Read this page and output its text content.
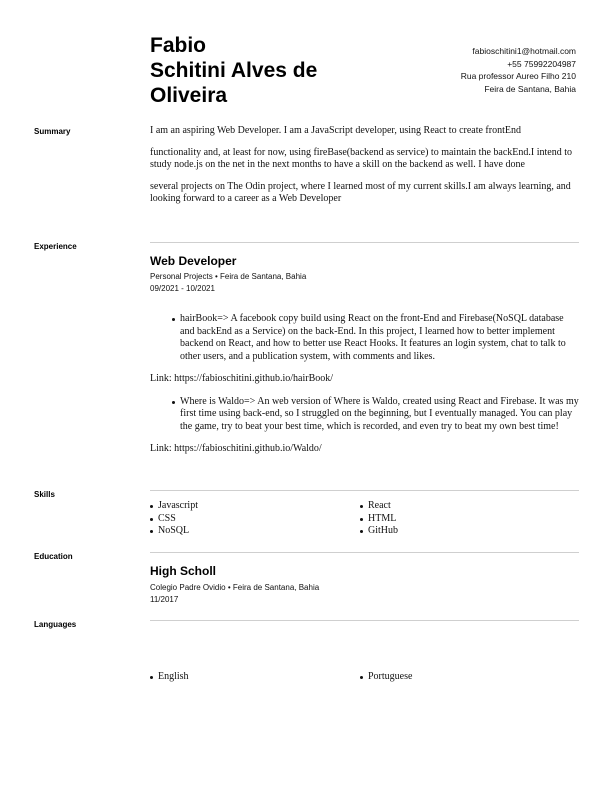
Fabio
Schitini Alves de
Oliveira
fabioschitini1@hotmail.com
+55 75992204987
Rua professor Aureo Filho 210
Feira de Santana, Bahia
Summary	I am an aspiring Web Developer. I am a JavaScript developer, using React to create frontEnd

functionality and, at least for now, using fireBase(backend as service) to maintain the backEnd.I intend to study node.js on the net in the next months to have a skill on the backend as well. I have done

several projects on The Odin project, where I learned most of my current skills.I am always learning, and looking forward to a career as a Web Developer

Experience

Web Developer

Personal Projects • Feira de Santana, Bahia
09/2021 - 10/2021
hairBook=> A facebook copy build using React on the front-End and Firebase(NoSQL database and backEnd as a Service) on the back-End. In this project, I learned how to better implement backend on React, and how to better use React Hooks. It features an login system, chat to talk to other users, and a publication system, with comments and likes.

Link: https://fabioschitini.github.io/hairBook/

Where is Waldo=> An web version of Where is Waldo, created using React and Firebase. It was my first time using back-end, so I struggled on the beginning, but I eventually managed. You can play the game, try to beat your best time, which is recorded, and even try to beat my own best time!

Link: https://fabioschitini.github.io/Waldo/

Skills
Javascript
CSS
NoSQL
React
HTML
GitHub
Education

High Scholl

Colegio Padre Ovidio • Feira de Santana, Bahia
11/2017
Languages
English	Portuguese
